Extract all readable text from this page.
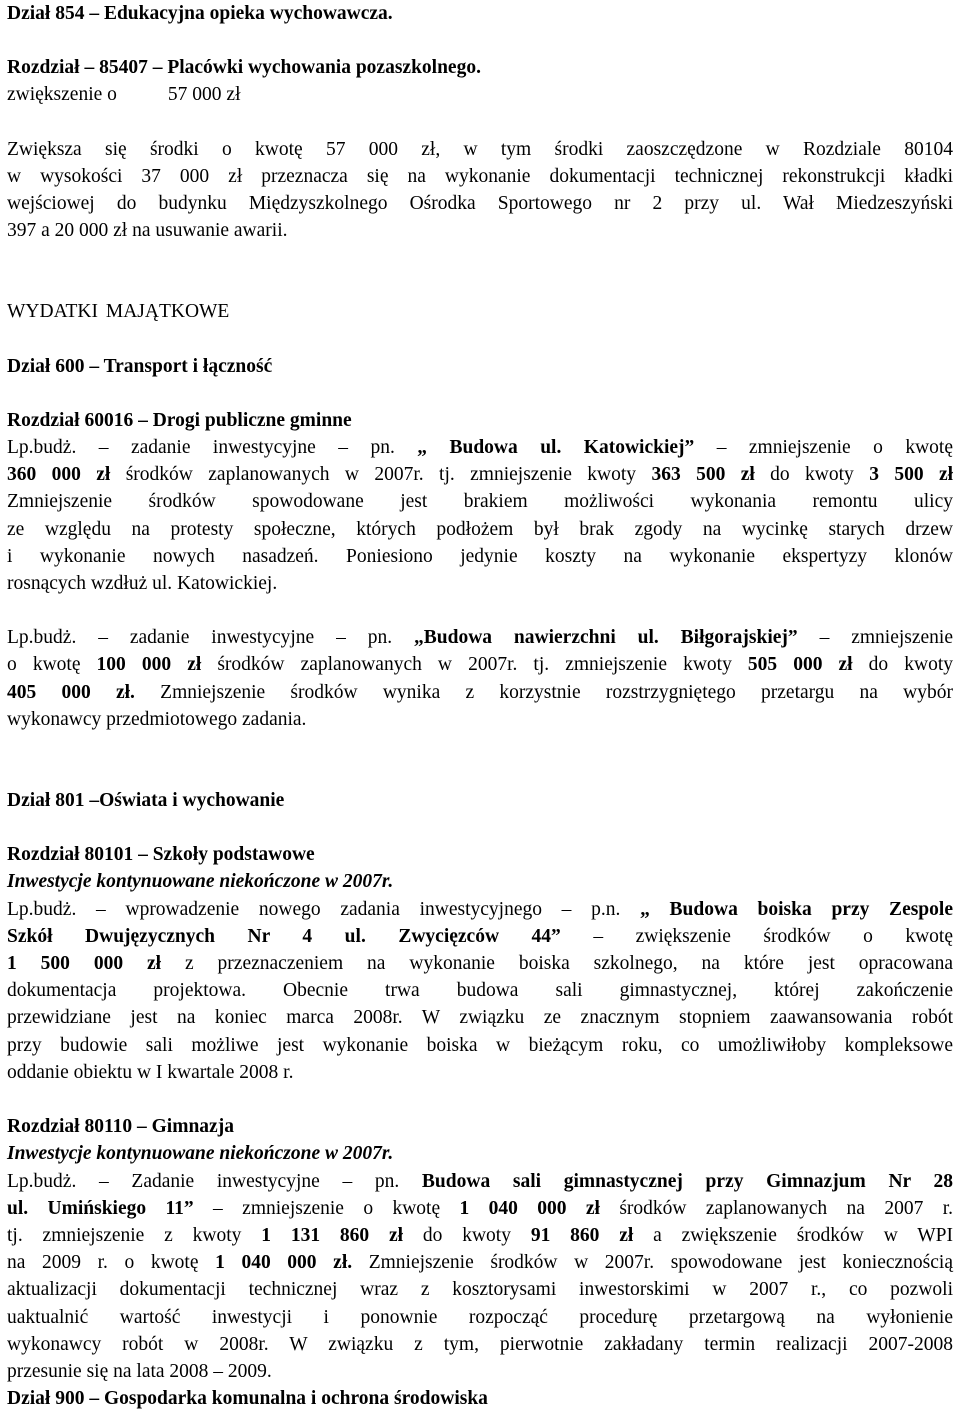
Dział 854 – Edukacyjna opieka wychowawcza.

Rozdział – 85407 – Placówki wychowania pozaszkolnego.

zwiększenie o	57 000 zł

Zwiększa się środki o kwotę 57 000 zł, w tym środki zaoszczędzone w Rozdziale 80104

w wysokości 37 000 zł przeznacza się na wykonanie dokumentacji technicznej rekonstrukcji kładki

wejściowej do budynku Międzyszkolnego Ośrodka Sportowego nr 2 przy ul. Wał Miedzeszyński

397 a 20 000 zł na usuwanie awarii.

WYDATKI MAJĄTKOWE

Dział 600 – Transport i łączność

Rozdział 60016 – Drogi publiczne gminne

Lp.budż. – zadanie inwestycyjne – pn. „ Budowa ul. Katowickiej” – zmniejszenie o kwotę

360 000 zł środków zaplanowanych w 2007r. tj. zmniejszenie kwoty 363 500 zł do kwoty 3 500 zł

Zmniejszenie środków spowodowane jest brakiem możliwości wykonania remontu ulicy

ze względu na protesty społeczne, których podłożem był brak zgody na wycinkę starych drzew

i wykonanie nowych nasadzeń. Poniesiono jedynie koszty na wykonanie ekspertyzy klonów

rosnących wzdłuż ul. Katowickiej.

Lp.budż. – zadanie inwestycyjne – pn. „Budowa nawierzchni ul. Biłgorajskiej” – zmniejszenie

o kwotę 100 000 zł środków zaplanowanych w 2007r. tj. zmniejszenie kwoty 505 000 zł do kwoty

405 000 zł. Zmniejszenie środków wynika z korzystnie rozstrzygniętego przetargu na wybór

wykonawcy przedmiotowego zadania.

Dział 801 –Oświata i wychowanie

Rozdział 80101 – Szkoły podstawowe

Inwestycje kontynuowane niekończone w 2007r.

Lp.budż. – wprowadzenie nowego zadania inwestycyjnego – p.n. „ Budowa boiska przy Zespole

Szkół Dwujęzycznych Nr 4 ul. Zwycięzców 44” – zwiększenie środków o kwotę

1 500 000 zł z przeznaczeniem na wykonanie boiska szkolnego, na które jest opracowana

dokumentacja projektowa. Obecnie trwa budowa sali gimnastycznej, której zakończenie

przewidziane jest na koniec marca 2008r. W związku ze znacznym stopniem zaawansowania robót

przy budowie sali możliwe jest wykonanie boiska w bieżącym roku, co umożliwiłoby kompleksowe

oddanie obiektu w I kwartale 2008 r.

Rozdział 80110 – Gimnazja

Inwestycje kontynuowane niekończone w 2007r.

Lp.budż. – Zadanie inwestycyjne – pn. Budowa sali gimnastycznej przy Gimnazjum Nr 28

ul. Umińskiego 11” – zmniejszenie o kwotę 1 040 000 zł środków zaplanowanych na 2007 r.

tj. zmniejszenie z kwoty 1 131 860 zł do kwoty 91 860 zł a zwiększenie środków w WPI

na 2009 r. o kwotę 1 040 000 zł. Zmniejszenie środków w 2007r. spowodowane jest koniecznością

aktualizacji dokumentacji technicznej wraz z kosztorysami inwestorskimi w 2007 r., co pozwoli

uaktualnić wartość inwestycji i ponownie rozpocząć procedurę przetargową na wyłonienie

wykonawcy robót w 2008r. W związku z tym, pierwotnie zakładany termin realizacji 2007-2008

przesunie się na lata 2008 – 2009.

Dział 900 – Gospodarka komunalna i ochrona środowiska
